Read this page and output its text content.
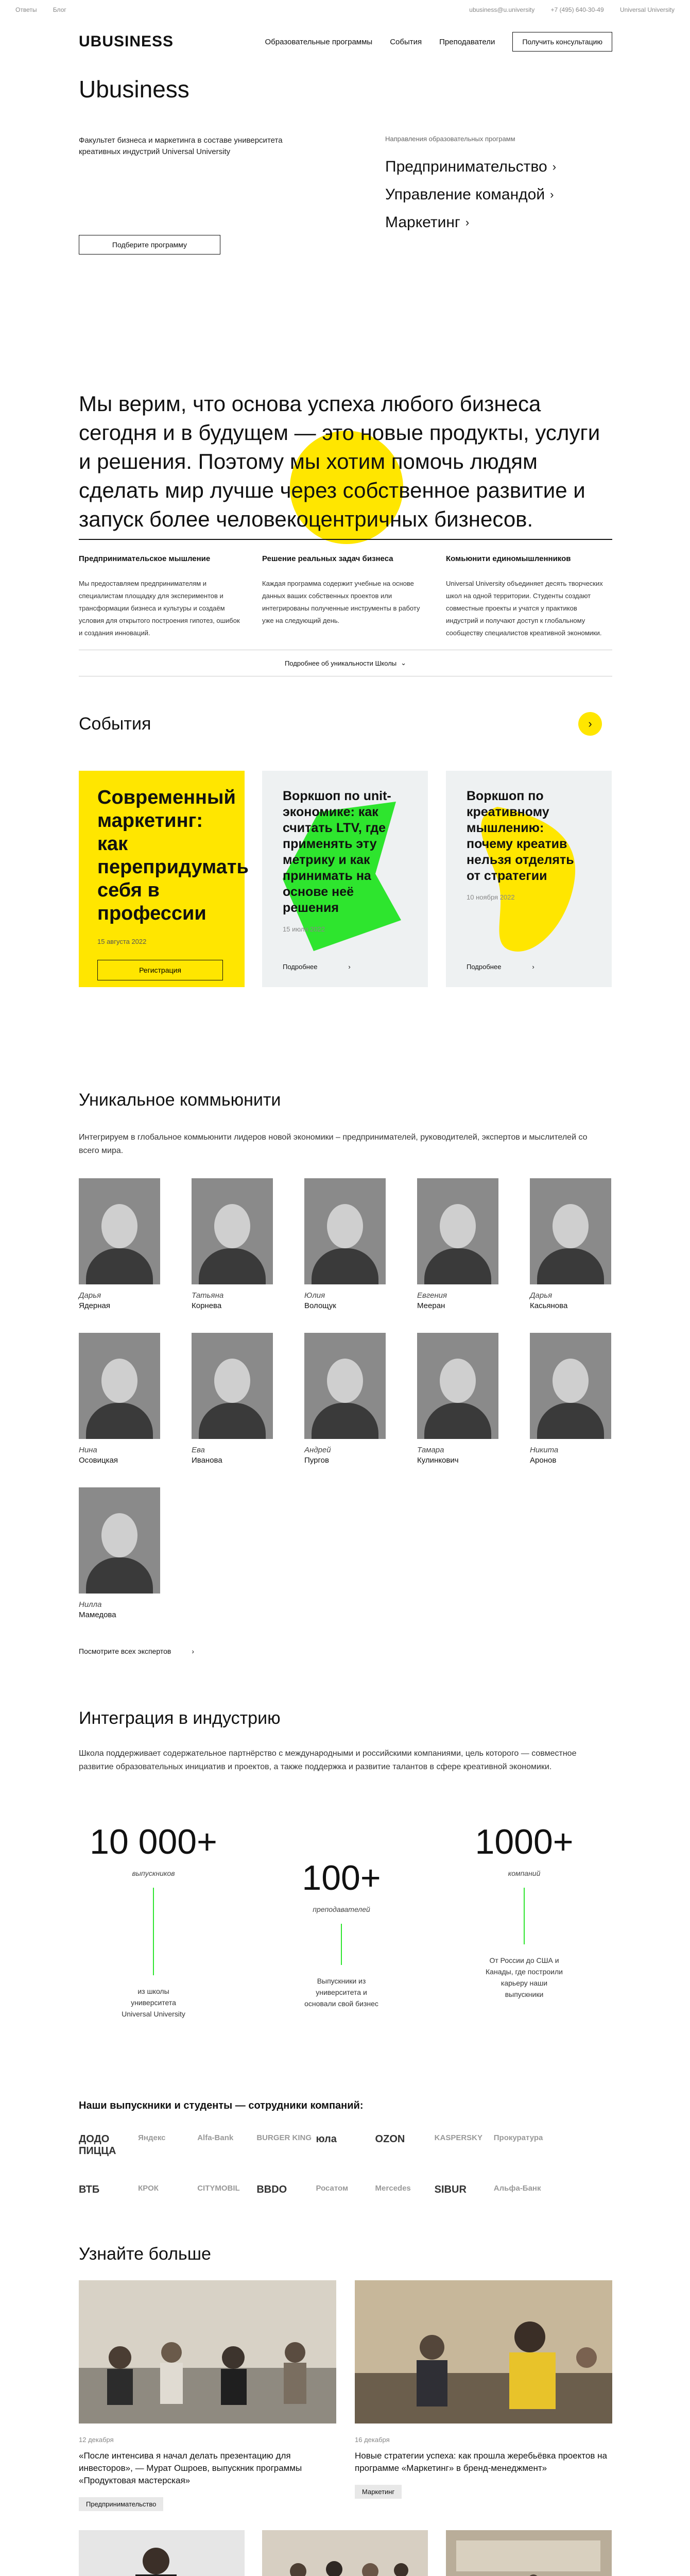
Ответы	Блог	ubusiness@u.university	+7 (495) 640-30-49	Universal University
UBUSINESS	Образовательные программы События Преподаватели	Получить консультацию
Ubusiness

Факультет бизнеса и маркетинга в составе университета креативных индустрий Universal University

Подберите программу
Направления образовательных программ
Предпринимательство ›
Управление командой ›
Маркетинг ›

Мы верим, что основа успеха любого бизнеса сегодня и в будущем — это новые продукты, услуги и решения. Поэтому мы хотим помочь людям сделать мир лучше через собственное развитие и запуск более человекоцентричных бизнесов.

Предпринимательское мышление

Мы предоставляем предпринимателям и специалистам площадку для экспериментов и трансформации бизнеса и культуры и создаём условия для открытого построения гипотез, ошибок и создания инноваций.

Решение реальных задач бизнеса

Каждая программа содержит учебные на основе данных ваших собственных проектов или интегрированы полученные инструменты в работу уже на следующий день.

Комьюнити единомышленников

Universal University объединяет десять творческих школ на одной территории. Студенты создают совместные проекты и учатся у практиков индустрий и получают доступ к глобальному сообществу специалистов креативной экономики.

Подробнее об уникальности Школы ⌄
События	›
Современный маркетинг: как перепридумать себя в профессии
15 августа 2022
Регистрация
Воркшоп по unit-экономике: как считать LTV, где применять эту метрику и как принимать на основе неё решения
15 июля 2022
Подробнее	›
Воркшоп по креативному мышлению: почему креатив нельзя отделять от стратегии
10 ноября 2022
Подробнее	›
Уникальное коммьюнити

Интегрируем в глобальное коммьюнити лидеров новой экономики – предпринимателей, руководителей, экспертов и мыслителей со всего мира.

Дарья
Ядерная
Татьяна
Корнева
Юлия
Волощук
Евгения
Мееран
Дарья
Касьянова
Нина
Осовицкая
Ева
Иванова
Андрей
Пургов
Тамара
Кулинкович
Никита
Аронов
Нилла
Мамедова
Посмотрите всех экспертов	›
Интеграция в индустрию

Школа поддерживает содержательное партнёрство с международными и российскими компаниями, цель которого — совместное развитие образовательных инициатив и проектов, а также поддержка и развитие талантов в сфере креативной экономики.

10 000+
выпускников
из школы университета Universal University
100+
преподавателей
Выпускники из университета и основали свой бизнес
1000+
компаний
От России до США и Канады, где построили карьеру наши выпускники
Наши выпускники и студенты — сотрудники компаний:
ДОДО ПИЦЦА
Яндекс	Alfa-Bank	BURGER KING юла	OZON	KASPERSKY	Прокуратура
ВТБ	КРОК	CITYMOBIL	BBDO	Росатом	Mercedes	SIBUR	Альфа-Банк
Узнайте больше
12 декабря
«После интенсива я начал делать презентацию для инвесторов», — Мурат Ошроев, выпускник программы «Продуктовая мастерская»
Предпринимательство
16 декабря
Новые стратегии успеха: как прошла жеребьёвка проектов на программе «Маркетинг» в бренд-менеджмент»
Маркетинг
